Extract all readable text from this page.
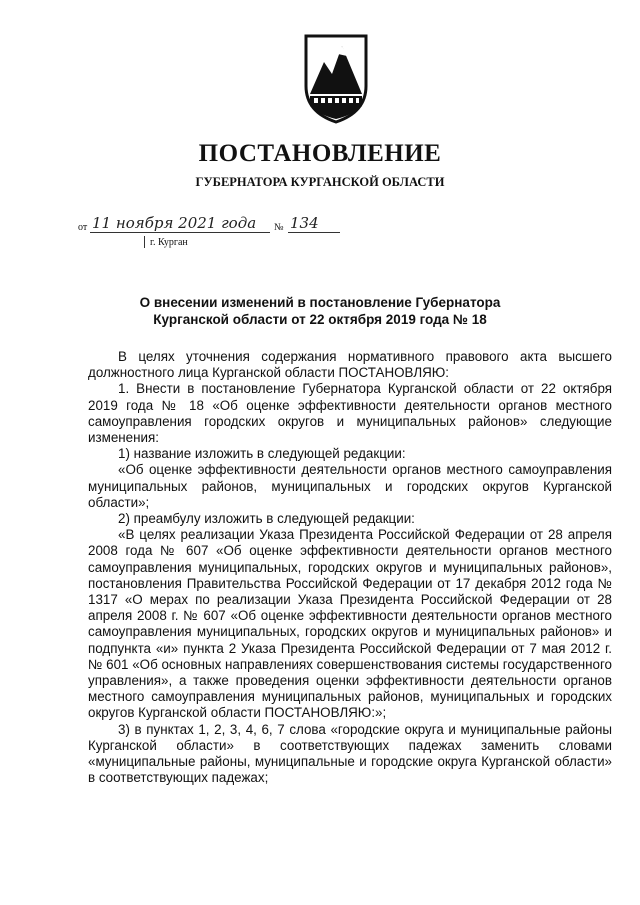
ПОСТАНОВЛЕНИЕ
ГУБЕРНАТОРА КУРГАНСКОЙ ОБЛАСТИ
от 11 ноября 2021 года № 134
г. Курган
О внесении изменений в постановление Губернатора
Курганской области от 22 октября 2019 года № 18

В целях уточнения содержания нормативного правового акта высшего должностного лица Курганской области ПОСТАНОВЛЯЮ:

1. Внести в постановление Губернатора Курганской области от 22 октября 2019 года № 18 «Об оценке эффективности деятельности органов местного самоуправления городских округов и муниципальных районов» следующие изменения:

1) название изложить в следующей редакции:

«Об оценке эффективности деятельности органов местного самоуправления муниципальных районов, муниципальных и городских округов Курганской области»;

2) преамбулу изложить в следующей редакции:

«В целях реализации Указа Президента Российской Федерации от 28 апреля 2008 года № 607 «Об оценке эффективности деятельности органов местного самоуправления муниципальных, городских округов и муниципальных районов», постановления Правительства Российской Федерации от 17 декабря 2012 года № 1317 «О мерах по реализации Указа Президента Российской Федерации от 28 апреля 2008 г. № 607 «Об оценке эффективности деятельности органов местного самоуправления муниципальных, городских округов и муниципальных районов» и подпункта «и» пункта 2 Указа Президента Российской Федерации от 7 мая 2012 г. № 601 «Об основных направлениях совершенствования системы государственного управления», а также проведения оценки эффективности деятельности органов местного самоуправления муниципальных районов, муниципальных и городских округов Курганской области ПОСТАНОВЛЯЮ:»;

3) в пунктах 1, 2, 3, 4, 6, 7 слова «городские округа и муниципальные районы Курганской области» в соответствующих падежах заменить словами «муниципальные районы, муниципальные и городские округа Курганской области» в соответствующих падежах;
